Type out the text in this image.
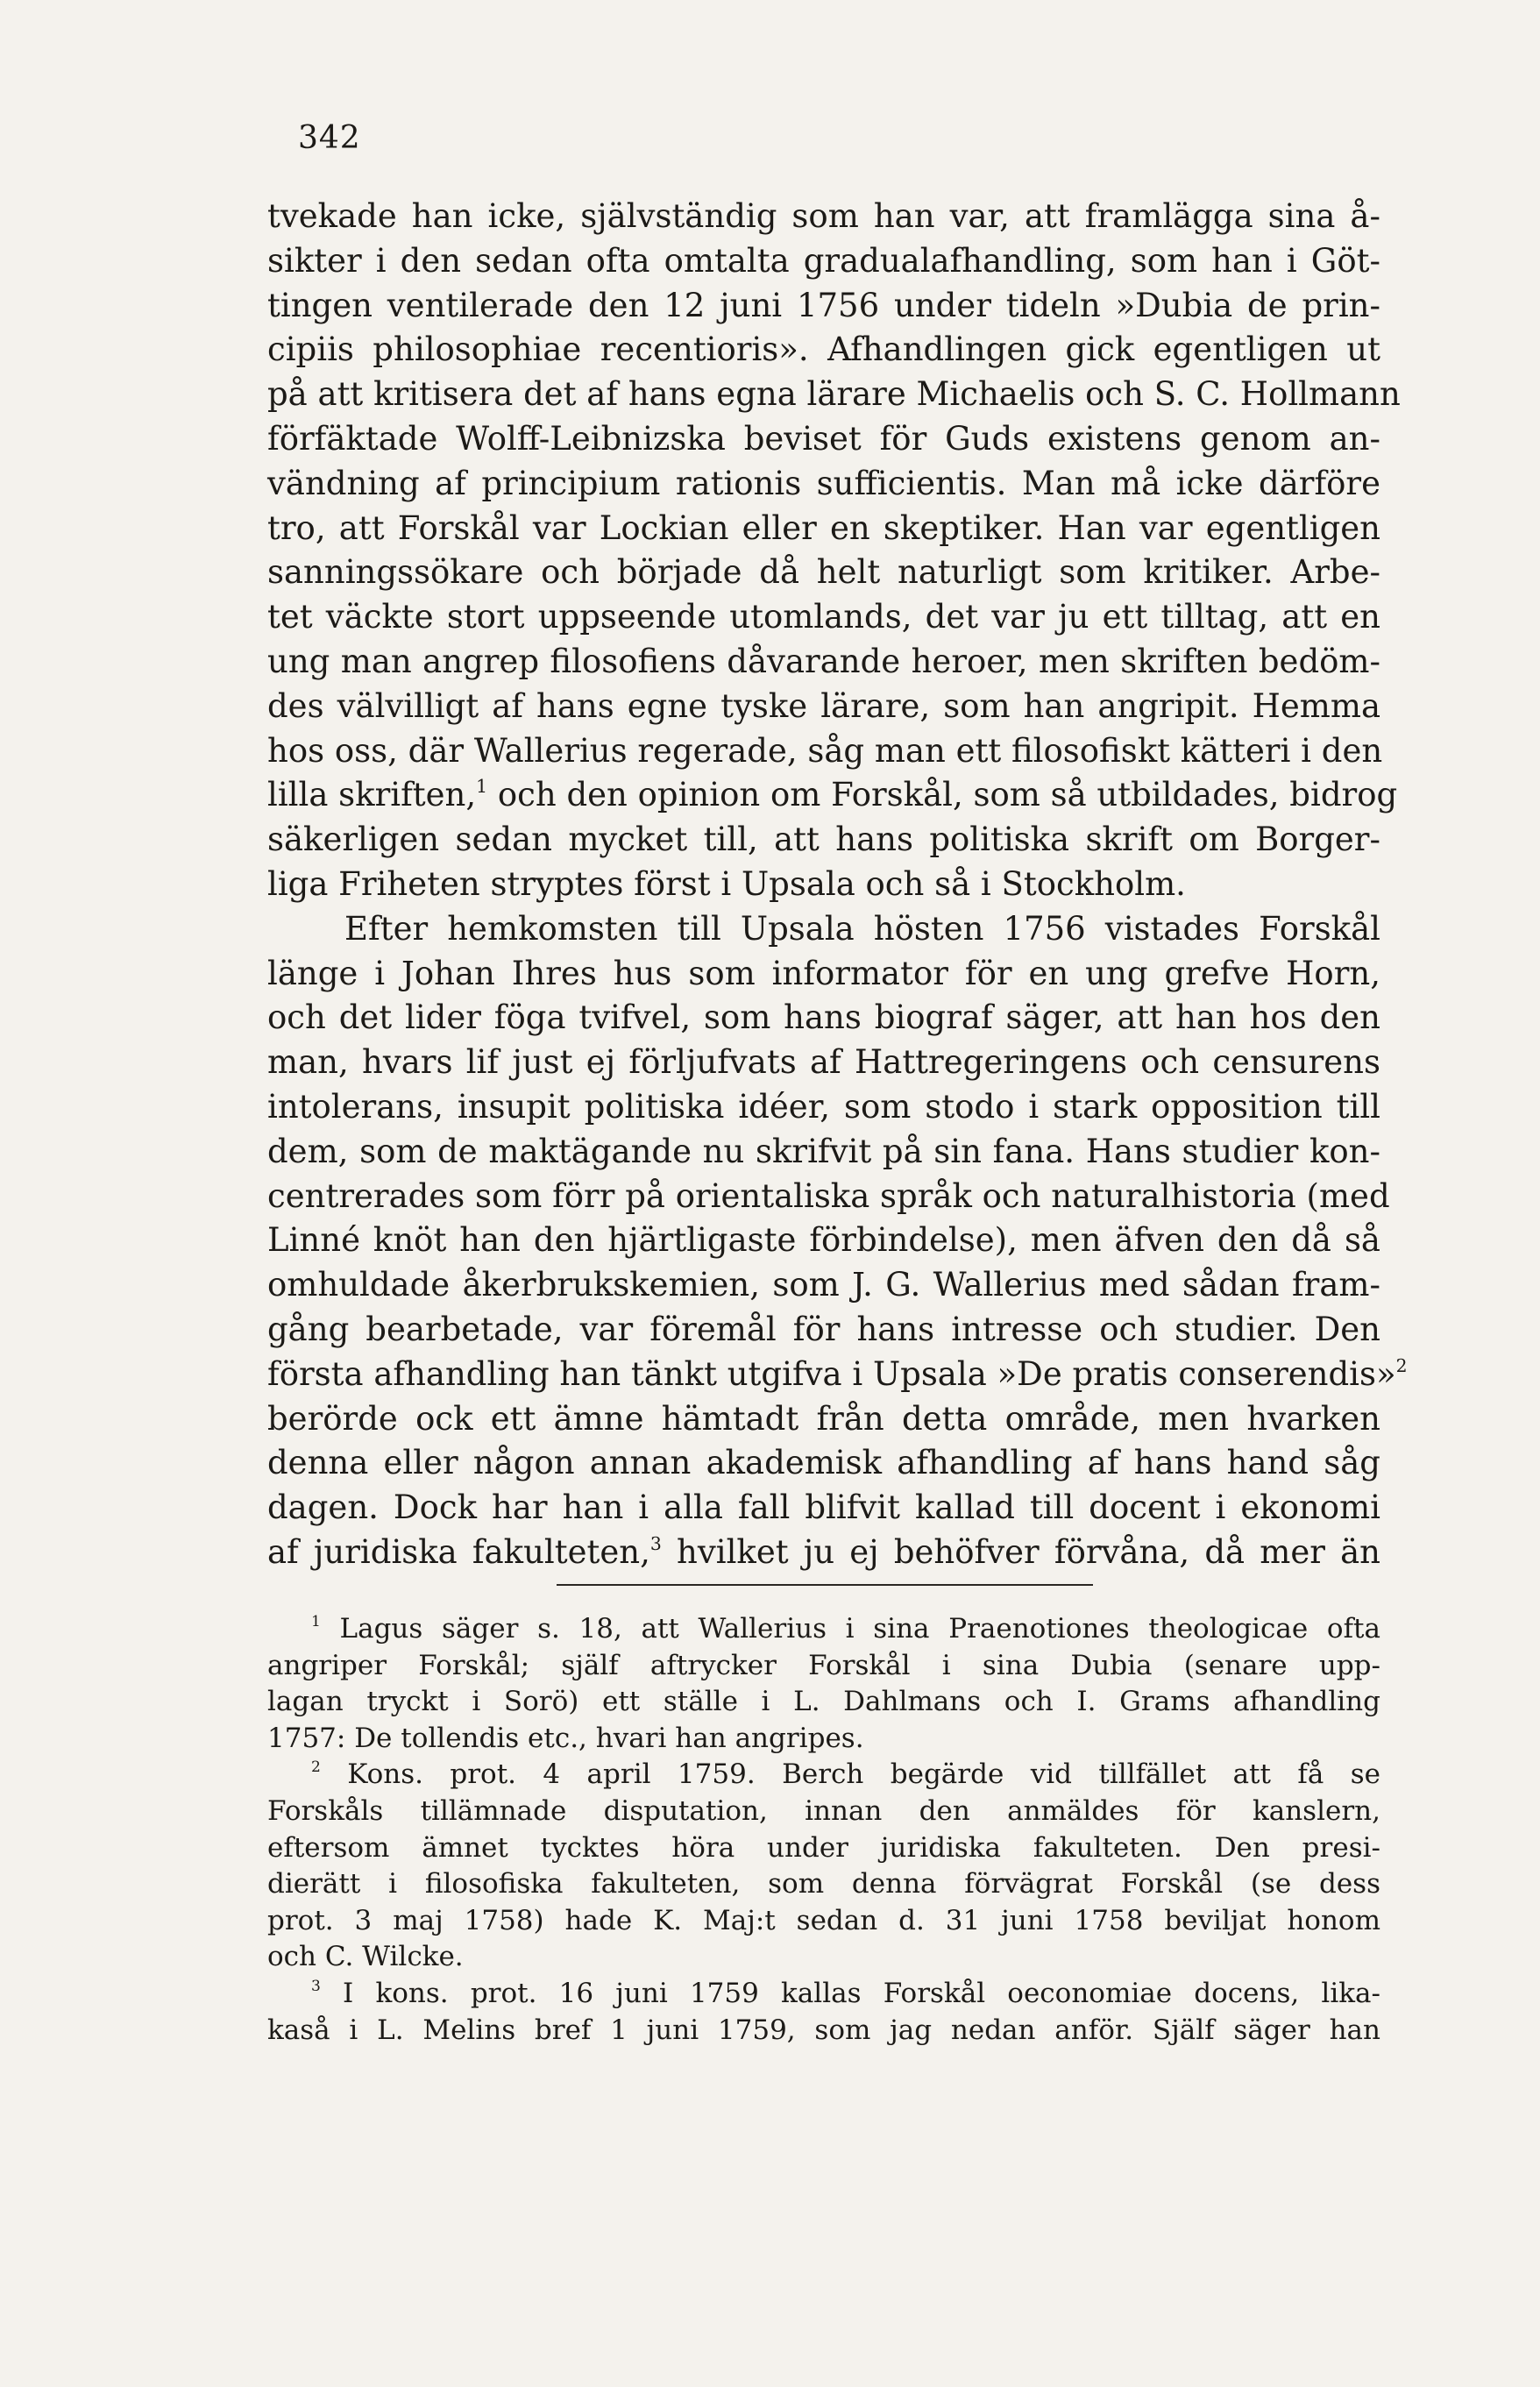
342
tvekade han icke, självständig som han var, att framlägga sina å-
sikter i den sedan ofta omtalta gradualafhandling, som han i Göt-
tingen ventilerade den 12 juni 1756 under tideln »Dubia de prin-
cipiis philosophiae recentioris». Afhandlingen gick egentligen ut
på att kritisera det af hans egna lärare Michaelis och S. C. Hollmann
förfäktade Wolff-Leibnizska beviset för Guds existens genom an-
vändning af principium rationis sufficientis. Man må icke därföre
tro, att Forskål var Lockian eller en skeptiker. Han var egentligen
sanningssökare och började då helt naturligt som kritiker. Arbe-
tet väckte stort uppseende utomlands, det var ju ett tilltag, att en
ung man angrep filosofiens dåvarande heroer, men skriften bedöm-
des välvilligt af hans egne tyske lärare, som han angripit. Hemma
hos oss, där Wallerius regerade, såg man ett filosofiskt kätteri i den
lilla skriften,$^1$ och den opinion om Forskål, som så utbildades, bidrog
säkerligen sedan mycket till, att hans politiska skrift om Borger-
liga Friheten stryptes först i Upsala och så i Stockholm.
Efter hemkomsten till Upsala hösten 1756 vistades Forskål
länge i Johan Ihres hus som informator för en ung grefve Horn,
och det lider föga tvifvel, som hans biograf säger, att han hos den
man, hvars lif just ej förljufvats af Hattregeringens och censurens
intolerans, insupit politiska idéer, som stodo i stark opposition till
dem, som de maktägande nu skrifvit på sin fana. Hans studier kon-
centrerades som förr på orientaliska språk och naturalhistoria (med
Linné knöt han den hjärtligaste förbindelse), men äfven den då så
omhuldade åkerbrukskemien, som J. G. Wallerius med sådan fram-
gång bearbetade, var föremål för hans intresse och studier. Den
första afhandling han tänkt utgifva i Upsala »De pratis conserendis»$^2$
berörde ock ett ämne hämtadt från detta område, men hvarken
denna eller någon annan akademisk afhandling af hans hand såg
dagen. Dock har han i alla fall blifvit kallad till docent i ekonomi
af juridiska fakulteten,$^3$ hvilket ju ej behöfver förvåna, då mer än
$^1$ Lagus säger s. 18, att Wallerius i sina Praenotiones theologicae ofta
angriper Forskål; själf aftrycker Forskål i sina Dubia (senare upp-
lagan tryckt i Sorö) ett ställe i L. Dahlmans och I. Grams afhandling
1757: De tollendis etc., hvari han angripes.
$^2$ Kons. prot. 4 april 1759. Berch begärde vid tillfället att få se
Forskåls tillämnade disputation, innan den anmäldes för kanslern,
eftersom ämnet tycktes höra under juridiska fakulteten. Den presi-
dierätt i filosofiska fakulteten, som denna förvägrat Forskål (se dess
prot. 3 maj 1758) hade K. Maj:t sedan d. 31 juni 1758 beviljat honom
och C. Wilcke.
$^3$ I kons. prot. 16 juni 1759 kallas Forskål oeconomiae docens, lika-
kaså i L. Melins bref 1 juni 1759, som jag nedan anför. Själf säger han
